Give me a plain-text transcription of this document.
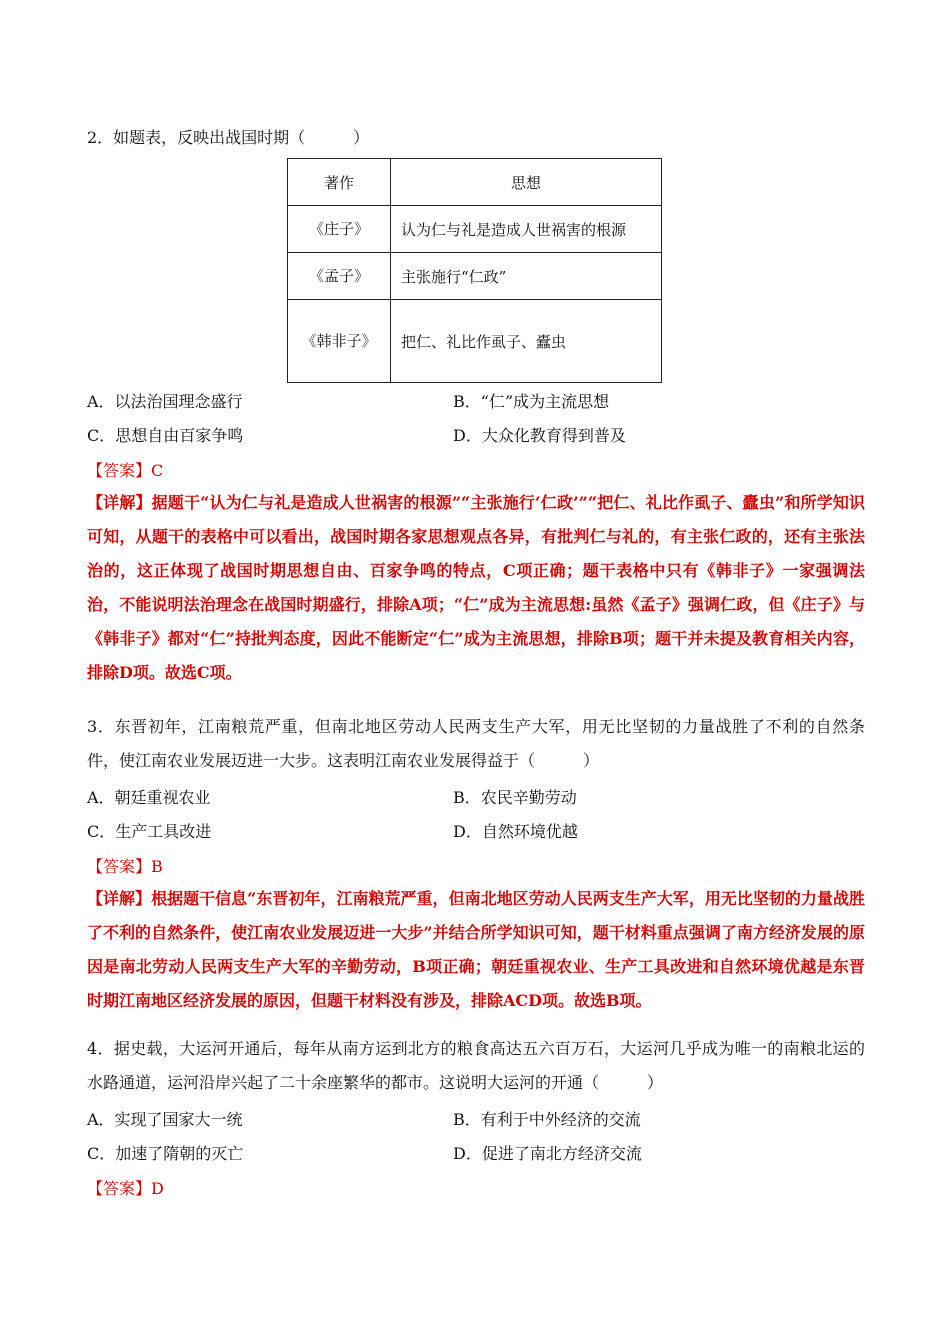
2．如题表，反映出战国时期（　　　）
著作	思想
《庄子》	认为仁与礼是造成人世祸害的根源
《孟子》	主张施行“仁政”
《韩非子》	把仁、礼比作虱子、蠹虫
A．以法治国理念盛行	B．“仁”成为主流思想
C．思想自由百家争鸣	D．大众化教育得到普及
【答案】C
【详解】据题干“认为仁与礼是造成人世祸害的根源”“主张施行‘仁政’”“把仁、礼比作虱子、蠹虫”和所学知识可知，从题干的表格中可以看出，战国时期各家思想观点各异，有批判仁与礼的，有主张仁政的，还有主张法治的，这正体现了战国时期思想自由、百家争鸣的特点，C项正确；题干表格中只有《韩非子》一家强调法治，不能说明法治理念在战国时期盛行，排除A项；“仁”成为主流思想:虽然《孟子》强调仁政，但《庄子》与《韩非子》都对“仁”持批判态度，因此不能断定“仁”成为主流思想，排除B项；题干并未提及教育相关内容，排除D项。故选C项。
3．东晋初年，江南粮荒严重，但南北地区劳动人民两支生产大军，用无比坚韧的力量战胜了不利的自然条件，使江南农业发展迈进一大步。这表明江南农业发展得益于（　　　）
A．朝廷重视农业	B．农民辛勤劳动
C．生产工具改进	D．自然环境优越
【答案】B
【详解】根据题干信息“东晋初年，江南粮荒严重，但南北地区劳动人民两支生产大军，用无比坚韧的力量战胜了不利的自然条件，使江南农业发展迈进一大步”并结合所学知识可知，题干材料重点强调了南方经济发展的原因是南北劳动人民两支生产大军的辛勤劳动，B项正确；朝廷重视农业、生产工具改进和自然环境优越是东晋时期江南地区经济发展的原因，但题干材料没有涉及，排除ACD项。故选B项。
4．据史载，大运河开通后，每年从南方运到北方的粮食高达五六百万石，大运河几乎成为唯一的南粮北运的水路通道，运河沿岸兴起了二十余座繁华的都市。这说明大运河的开通（　　　）
A．实现了国家大一统	B．有利于中外经济的交流
C．加速了隋朝的灭亡	D．促进了南北方经济交流
【答案】D
